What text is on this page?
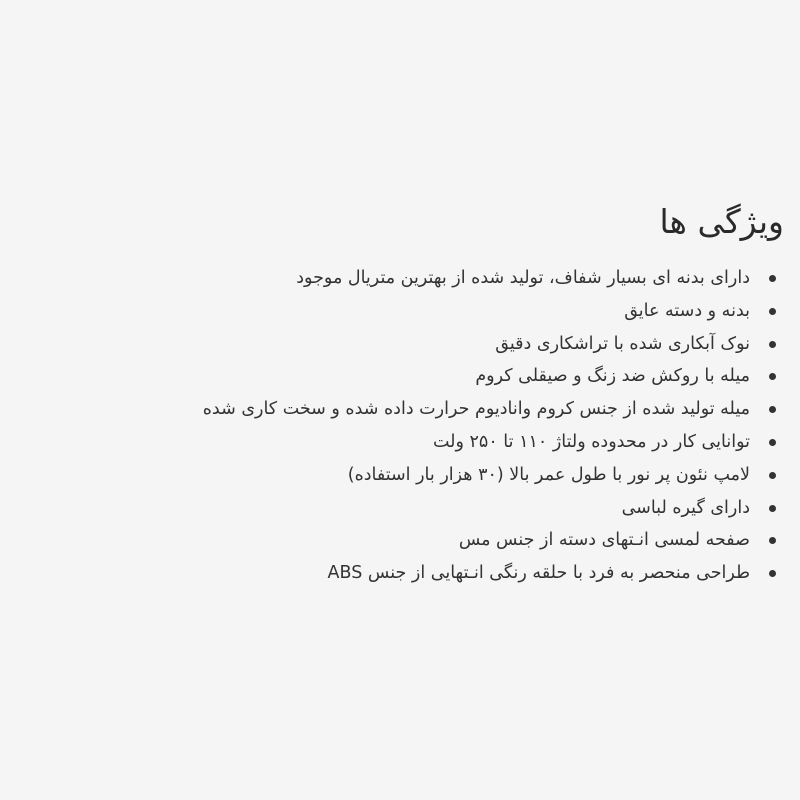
ویژگی ها
دارای بدنه ای بسیار شفاف، تولید شده از بهترین متریال موجود
بدنه و دسته عایق
نوک آبکاری شده با تراشکاری دقیق
میله با روکش ضد زنگ و صیقلی کروم
میله تولید شده از جنس کروم وانادیوم حرارت داده شده و سخت کاری شده
توانایی کار در محدوده ولتاژ ۱۱۰ تا ۲۵۰ ولت
لامپ نئون پر نور با طول عمر بالا (۳۰ هزار بار استفاده)
دارای گیره لباسی
صفحه لمسی انـتهای دسته از جنس مس
طراحی منحصر به فرد با حلقه رنگی انـتهایی از جنس ABS
